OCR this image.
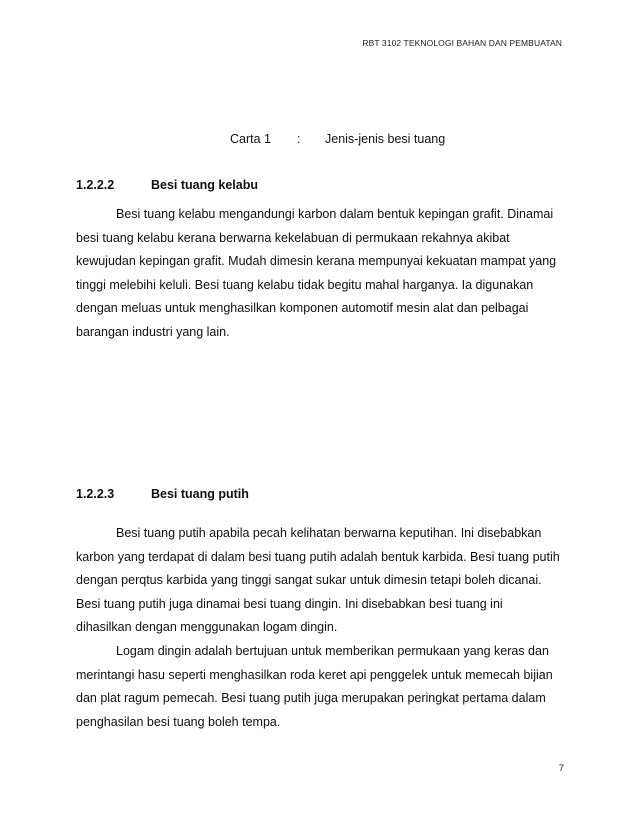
RBT 3102 TEKNOLOGI BAHAN DAN PEMBUATAN
Carta 1 : Jenis-jenis besi tuang
1.2.2.2	Besi tuang kelabu
Besi tuang kelabu mengandungi karbon dalam bentuk kepingan grafit. Dinamai
besi tuang kelabu kerana berwarna kekelabuan di permukaan rekahnya akibat
kewujudan kepingan grafit. Mudah dimesin kerana mempunyai kekuatan mampat yang
tinggi melebihi keluli. Besi tuang kelabu tidak begitu mahal harganya. Ia digunakan
dengan meluas untuk menghasilkan komponen automotif mesin alat dan pelbagai
barangan industri yang lain.
1.2.2.3	Besi tuang putih
Besi tuang putih apabila pecah kelihatan berwarna keputihan. Ini disebabkan
karbon yang terdapat di dalam besi tuang putih adalah bentuk karbida. Besi tuang putih
dengan perqtus karbida yang tinggi sangat sukar untuk dimesin tetapi boleh dicanai.
Besi tuang putih juga dinamai besi tuang dingin. Ini disebabkan besi tuang ini
dihasilkan dengan menggunakan logam dingin.
Logam dingin adalah bertujuan untuk memberikan permukaan yang keras dan
merintangi hasu seperti menghasilkan roda keret api penggelek untuk memecah bijian
dan plat ragum pemecah. Besi tuang putih juga merupakan peringkat pertama dalam
penghasilan besi tuang boleh tempa.
7
